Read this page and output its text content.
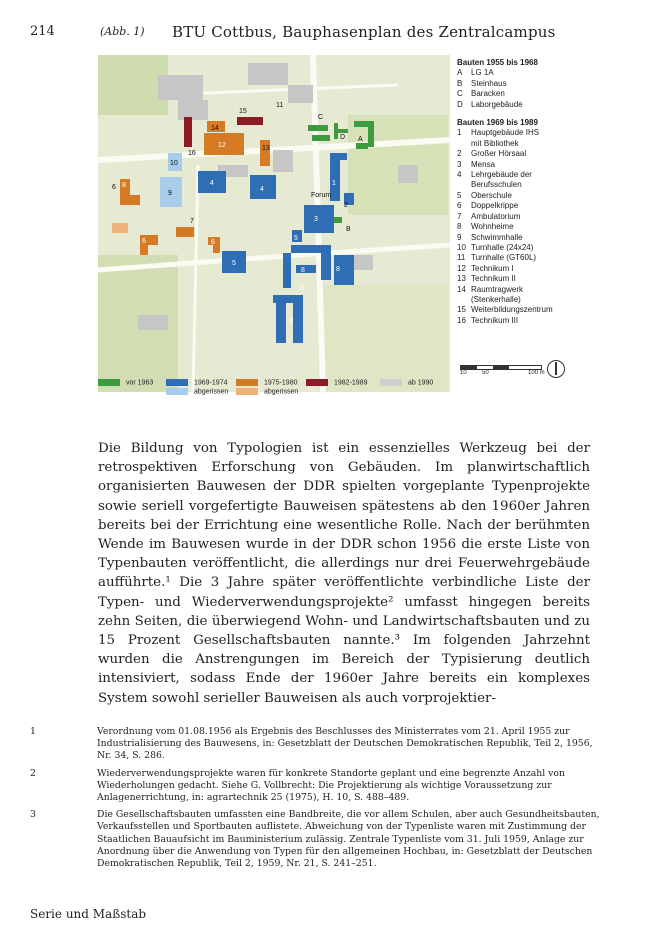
214	(Abb. 1) BTU Cottbus, Bauphasenplan des Zentralcampus
A
B
C
D
1
2
3
4
4
5
5
6
6	6
7
8	8
8
8
8
9
10
11
12	13
14
15
16
Forum
Bauten 1955 bis 1968
A	LG 1A
B	Steinhaus
C	Baracken
D	Laborgebäude
Bauten 1969 bis 1989
1	Hauptgebäude IHS
mit Bibliothek
2	Großer Hörsaal
3	Mensa
4	Lehrgebäude der
Berufsschulen
5	Oberschule
6	Doppelkrippe
7	Ambulatorium
8	Wohnheime
9	Schwimmhalle
10 Turnhalle (24x24)
11 Turnhalle (GT60L)
12 Technikum I
13 Technikum II
14 Raumtragwerk
(Stenkerhalle)
15 Weiterbildungszentrum
16 Technikum III
10	50	100 m
vor 1963	1969-1974
abgerissen
1975-1980
abgerissen
1982-1989	ab 1990

Die Bildung von Typologien ist ein essenzielles Werkzeug bei der retrospektiven Erforschung von Gebäuden. Im planwirtschaftlich organisierten Bauwesen der DDR spielten vorgeplante Typenprojekte sowie seriell vorgefertigte Bauweisen spätestens ab den 1960er Jahren bereits bei der Errichtung eine wesentliche Rolle. Nach der berühmten Wende im Bauwesen wurde in der DDR schon 1956 die erste Liste von Typenbauten veröffentlicht, die allerdings nur drei Feuerwehrgebäude aufführte.¹ Die 3 Jahre später veröffentlichte verbindliche Liste der Typen- und Wiederverwendungsprojekte² umfasst hingegen bereits zehn Seiten, die überwiegend Wohn- und Landwirtschaftsbauten und zu 15 Prozent Gesellschaftsbauten nannte.³ Im folgenden Jahrzehnt wurden die Anstrengungen im Bereich der Typisierung deutlich intensiviert, sodass Ende der 1960er Jahre bereits ein komplexes System sowohl serieller Bauweisen als auch vorprojektier-

1	Verordnung vom 01.08.1956 als Ergebnis des Beschlusses des Ministerrates vom 21. April 1955 zur Industrialisierung des Bauwesens, in: Gesetzblatt der Deutschen Demokratischen Republik, Teil 2, 1956, Nr. 34, S. 286.
2	Wiederverwendungsprojekte waren für konkrete Standorte geplant und eine begrenzte Anzahl von Wiederholungen gedacht. Siehe G. Vollbrecht: Die Projektierung als wichtige Voraussetzung zur Anlagenerrichtung, in: agrartechnik 25 (1975), H. 10, S. 488–489.
3	Die Gesellschaftsbauten umfassten eine Bandbreite, die vor allem Schulen, aber auch Gesundheitsbauten, Verkaufsstellen und Sportbauten auflistete. Abweichung von der Typenliste waren mit Zustimmung der Staatlichen Bauaufsicht im Bauministerium zulässig. Zentrale Typenliste vom 31. Juli 1959, Anlage zur Anordnung über die Anwendung von Typen für den allgemeinen Hochbau, in: Gesetzblatt der Deutschen Demokratischen Republik, Teil 2, 1959, Nr. 21, S. 241–251.
Serie und Maßstab
